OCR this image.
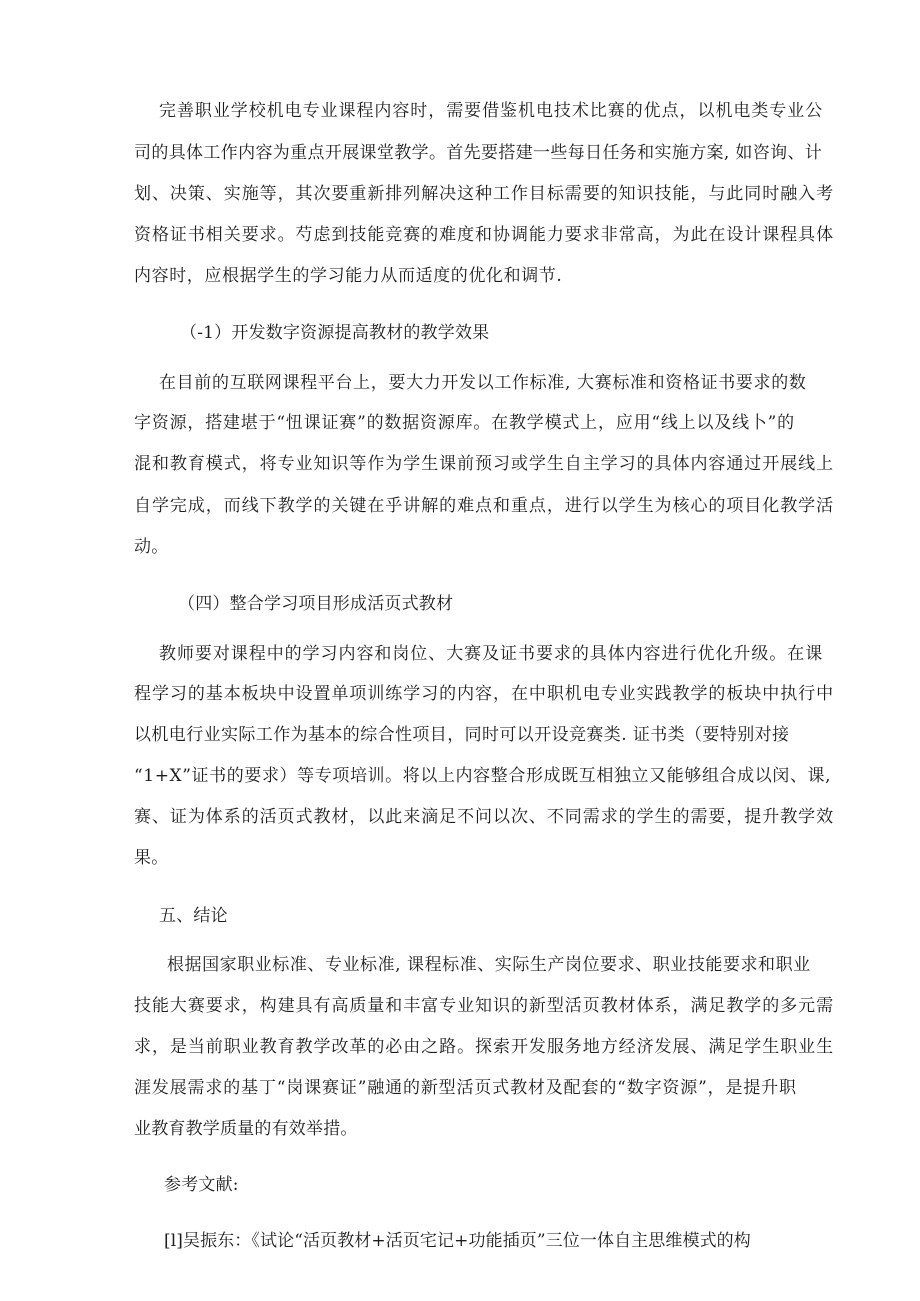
完善职业学校机电专业课程内容时，需要借鉴机电技术比赛的优点，以机电类专业公
司的具体工作内容为重点开展课堂教学。首先要搭建一些每日任务和实施方案, 如咨询、计
划、决策、实施等，其次要重新排列解决这种工作目标需要的知识技能，与此同时融入考
资格证书相关要求。芍虑到技能竞赛的难度和协调能力要求非常高，为此在设计课程具体
内容时，应根据学生的学习能力从而适度的优化和调节.
（-1）开发数字资源提高教材的教学效果
在目前的互联网课程平台上，要大力开发以工作标准, 大赛标准和资格证书要求的数
字资源，搭建堪于“忸课证赛”的数据资源库。在教学模式上，应用“线上以及线卜”的
混和教育模式，将专业知识等作为学生课前预习或学生自主学习的具体内容通过开展线上
自学完成，而线下教学的关键在乎讲解的难点和重点，进行以学生为核心的项目化教学活
动。
（四）整合学习项目形成活页式教材
教师要对课程中的学习内容和岗位、大赛及证书要求的具体内容进行优化升级。在课
程学习的基本板块中设置单项训练学习的内容，在中职机电专业实践教学的板块中执行中
以机电行业实际工作为基本的综合性项目，同时可以开设竞赛类. 证书类（要特别对接
“1+X”证书的要求）等专项培训。将以上内容整合形成既互相独立又能够组合成以闵、课,
赛、证为体系的活页式教材，以此来滴足不问以次、不同需求的学生的需要，提升教学效
果。
五、结论
根据国家职业标准、专业标准, 课程标准、实际生产岗位要求、职业技能要求和职业
技能大赛要求，构建具有高质量和丰富专业知识的新型活页教材体系，满足教学的多元需
求，是当前职业教育教学改革的必由之路。探索开发服务地方经济发展、满足学生职业生
涯发展需求的基丁“岗课赛证”融通的新型活页式教材及配套的“数字资源”，是提升职
业教育教学质量的有效举措。
参考文献:
[l]吴振东：《试论“活页教材+活页宅记+功能插页”三位一体自主思维模式的构
